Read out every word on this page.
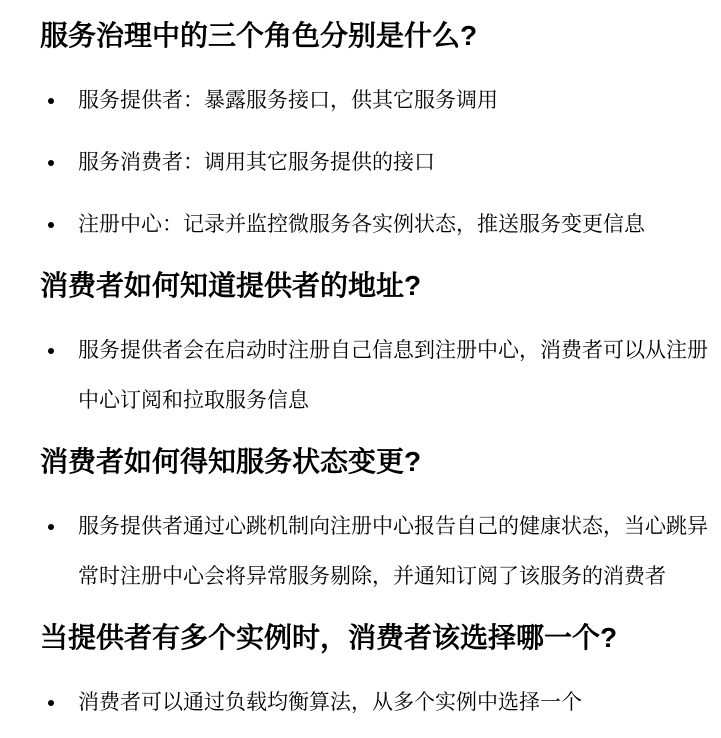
服务治理中的三个角色分别是什么?
服务提供者：暴露服务接口，供其它服务调用
服务消费者：调用其它服务提供的接口
注册中心：记录并监控微服务各实例状态，推送服务变更信息
消费者如何知道提供者的地址?
服务提供者会在启动时注册自己信息到注册中心，消费者可以从注册中心订阅和拉取服务信息
消费者如何得知服务状态变更?
服务提供者通过心跳机制向注册中心报告自己的健康状态，当心跳异常时注册中心会将异常服务剔除，并通知订阅了该服务的消费者
当提供者有多个实例时，消费者该选择哪一个?
消费者可以通过负载均衡算法，从多个实例中选择一个
